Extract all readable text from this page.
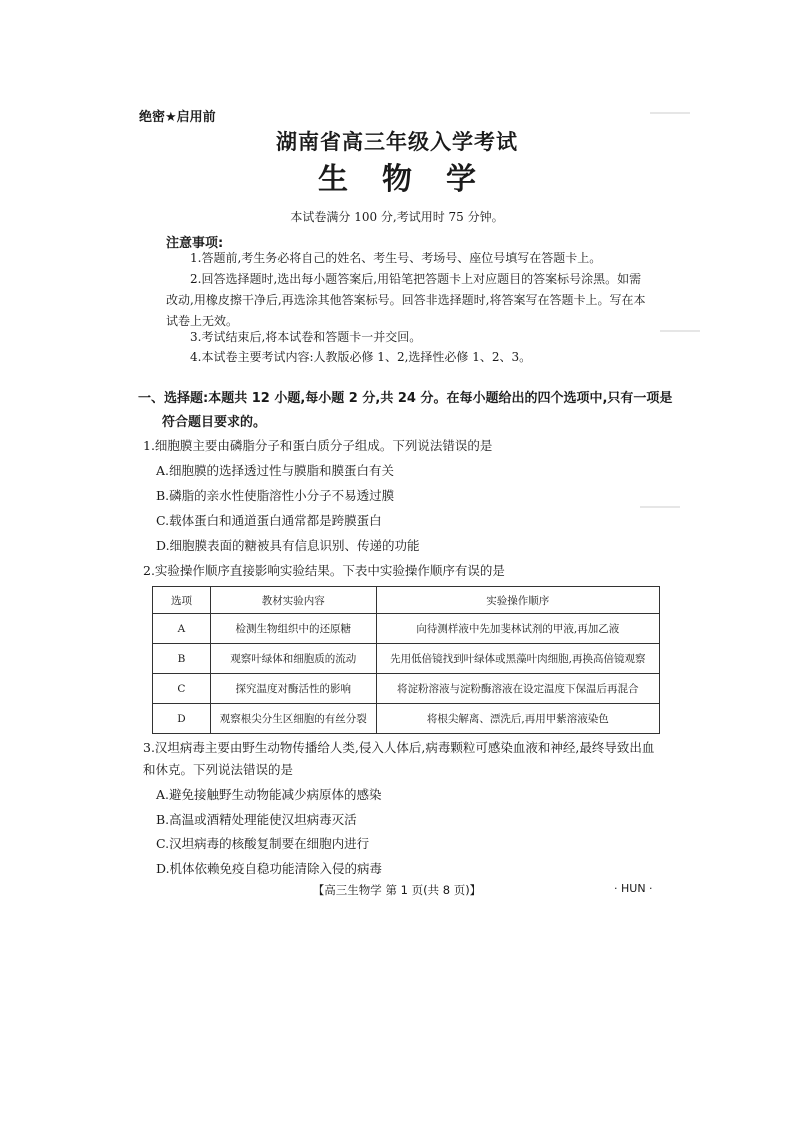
绝密★启用前
湖南省高三年级入学考试
生物学
本试卷满分 100 分,考试用时 75 分钟。
注意事项:
1.答题前,考生务必将自己的姓名、考生号、考场号、座位号填写在答题卡上。
2.回答选择题时,选出每小题答案后,用铅笔把答题卡上对应题目的答案标号涂黑。如需改动,用橡皮擦干净后,再选涂其他答案标号。回答非选择题时,将答案写在答题卡上。写在本试卷上无效。
3.考试结束后,将本试卷和答题卡一并交回。
4.本试卷主要考试内容:人教版必修 1、2,选择性必修 1、2、3。
一、选择题:本题共 12 小题,每小题 2 分,共 24 分。在每小题给出的四个选项中,只有一项是符合题目要求的。
1.细胞膜主要由磷脂分子和蛋白质分子组成。下列说法错误的是
A.细胞膜的选择透过性与膜脂和膜蛋白有关
B.磷脂的亲水性使脂溶性小分子不易透过膜
C.载体蛋白和通道蛋白通常都是跨膜蛋白
D.细胞膜表面的糖被具有信息识别、传递的功能
2.实验操作顺序直接影响实验结果。下表中实验操作顺序有误的是
选项	教材实验内容	实验操作顺序
A	检测生物组织中的还原糖	向待测样液中先加斐林试剂的甲液,再加乙液
B	观察叶绿体和细胞质的流动	先用低倍镜找到叶绿体或黑藻叶肉细胞,再换高倍镜观察
C	探究温度对酶活性的影响	将淀粉溶液与淀粉酶溶液在设定温度下保温后再混合
D	观察根尖分生区细胞的有丝分裂	将根尖解离、漂洗后,再用甲紫溶液染色
3.汉坦病毒主要由野生动物传播给人类,侵入人体后,病毒颗粒可感染血液和神经,最终导致出血和休克。下列说法错误的是
A.避免接触野生动物能减少病原体的感染
B.高温或酒精处理能使汉坦病毒灭活
C.汉坦病毒的核酸复制要在细胞内进行
D.机体依赖免疫自稳功能清除入侵的病毒
【高三生物学 第 1 页(共 8 页)】	· HUN ·
